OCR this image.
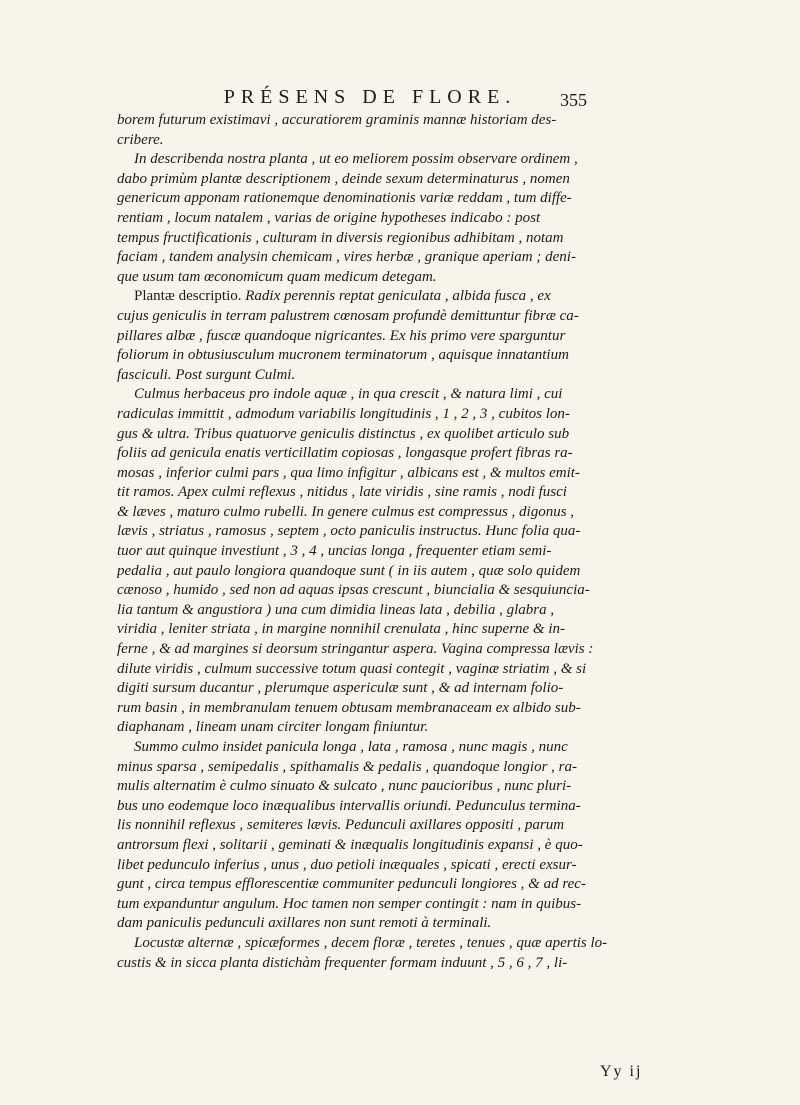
PRÉSENS DE FLORE.	355
borem futurum existimavi , accuratiorem graminis mannæ historiam des-
cribere.
In describenda nostra planta , ut eo meliorem possim observare ordinem ,
dabo primùm plantæ descriptionem , deinde sexum determinaturus , nomen
genericum apponam rationemque denominationis variæ reddam , tum diffe-
rentiam , locum natalem , varias de origine hypotheses indicabo : post
tempus fructificationis , culturam in diversis regionibus adhibitam , notam
faciam , tandem analysin chemicam , vires herbæ , granique aperiam ; deni-
que usum tam œconomicum quam medicum detegam.
Plantæ descriptio. Radix perennis reptat geniculata , albida fusca , ex
cujus geniculis in terram palustrem cœnosam profundè demittuntur fibræ ca-
pillares albæ , fuscæ quandoque nigricantes. Ex his primo vere sparguntur
foliorum in obtusiusculum mucronem terminatorum , aquisque innatantium
fasciculi. Post surgunt Culmi.
Culmus herbaceus pro indole aquæ , in qua crescit , & natura limi , cui
radiculas immittit , admodum variabilis longitudinis , 1 , 2 , 3 , cubitos lon-
gus & ultra. Tribus quatuorve geniculis distinctus , ex quolibet articulo sub
foliis ad genicula enatis verticillatim copiosas , longasque profert fibras ra-
mosas , inferior culmi pars , qua limo infigitur , albicans est , & multos emit-
tit ramos. Apex culmi reflexus , nitidus , late viridis , sine ramis , nodi fusci
& læves , maturo culmo rubelli. In genere culmus est compressus , digonus ,
lævis , striatus , ramosus , septem , octo paniculis instructus. Hunc folia qua-
tuor aut quinque investiunt , 3 , 4 , uncias longa , frequenter etiam semi-
pedalia , aut paulo longiora quandoque sunt ( in iis autem , quæ solo quidem
cænoso , humido , sed non ad aquas ipsas crescunt , biuncialia & sesquiuncia-
lia tantum & angustiora ) una cum dimidia lineas lata , debilia , glabra ,
viridia , leniter striata , in margine nonnihil crenulata , hinc superne & in-
ferne , & ad margines si deorsum stringantur aspera. Vagina compressa lævis :
dilute viridis , culmum successive totum quasi contegit , vaginæ striatim , & si
digiti sursum ducantur , plerumque aspericulæ sunt , & ad internam folio-
rum basin , in membranulam tenuem obtusam membranaceam ex albido sub-
diaphanam , lineam unam circiter longam finiuntur.
Summo culmo insidet panicula longa , lata , ramosa , nunc magis , nunc
minus sparsa , semipedalis , spithamalis & pedalis , quandoque longior , ra-
mulis alternatim è culmo sinuato & sulcato , nunc paucioribus , nunc pluri-
bus uno eodemque loco inæqualibus intervallis oriundi. Pedunculus termina-
lis nonnihil reflexus , semiteres lævis. Pedunculi axillares oppositi , parum
antrorsum flexi , solitarii , geminati & inæqualis longitudinis expansi , è quo-
libet pedunculo inferius , unus , duo petioli inæquales , spicati , erecti exsur-
gunt , circa tempus efflorescentiæ communiter pedunculi longiores , & ad rec-
tum expanduntur angulum. Hoc tamen non semper contingit : nam in quibus-
dam paniculis pedunculi axillares non sunt remoti à terminali.
Locustæ alternæ , spicæformes , decem floræ , teretes , tenues , quæ apertis lo-
custis & in sicca planta distichàm frequenter formam induunt , 5 , 6 , 7 , li-
Yy ij
